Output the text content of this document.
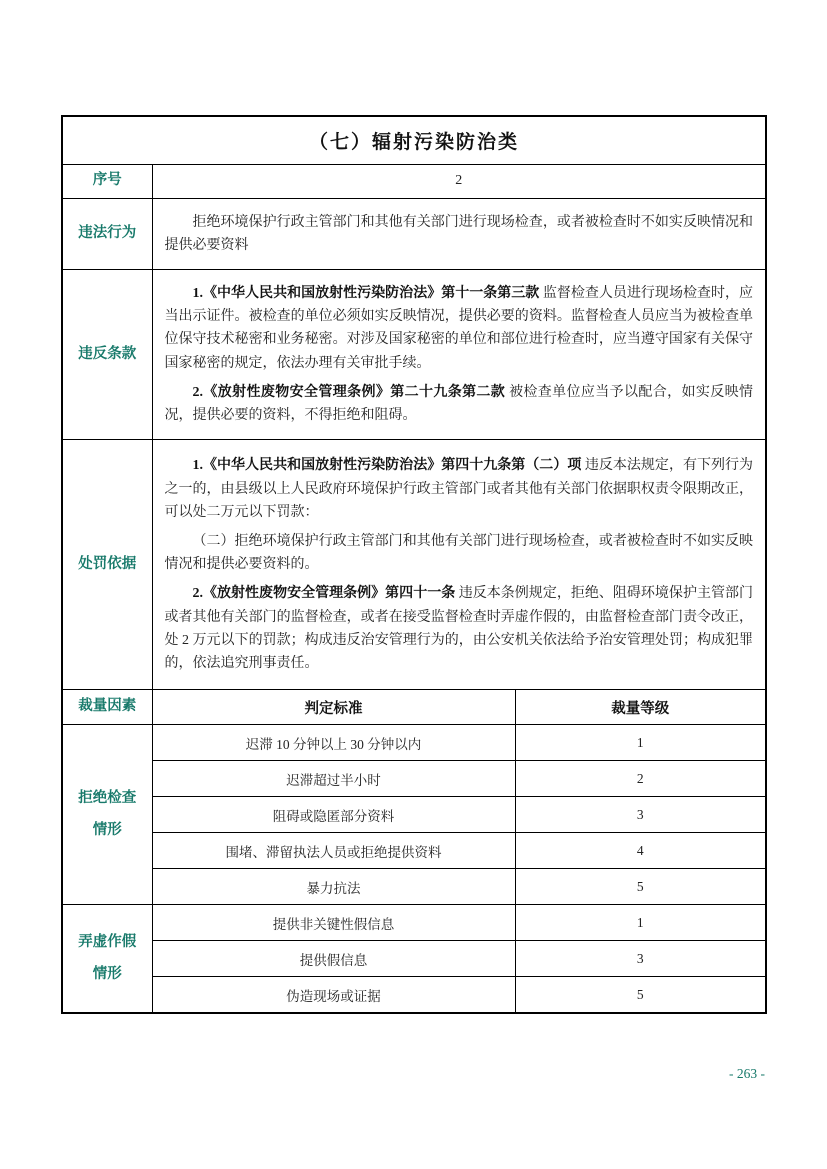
（七）辐射污染防治类		
序号	2	
违法行为	拒绝环境保护行政主管部门和其他有关部门进行现场检查，或者被检查时不如实反映情况和提供必要资料	

违反条款	1.《中华人民共和国放射性污染防治法》第十一条第三款 监督检查人员进行现场检查时，应当出示证件。被检查的单位必须如实反映情况，提供必要的资料。监督检查人员应当为被检查单位保守技术秘密和业务秘密。对涉及国家秘密的单位和部位进行检查时，应当遵守国家有关保守国家秘密的规定，依法办理有关审批手续。

2.《放射性废物安全管理条例》第二十九条第二款 被检查单位应当予以配合，如实反映情况，提供必要的资料，不得拒绝和阻碍。	

处罚依据	1.《中华人民共和国放射性污染防治法》第四十九条第（二）项 违反本法规定，有下列行为之一的，由县级以上人民政府环境保护行政主管部门或者其他有关部门依据职权责令限期改正，可以处二万元以下罚款：

（二）拒绝环境保护行政主管部门和其他有关部门进行现场检查，或者被检查时不如实反映情况和提供必要资料的。

2.《放射性废物安全管理条例》第四十一条 违反本条例规定，拒绝、阻碍环境保护主管部门或者其他有关部门的监督检查，或者在接受监督检查时弄虚作假的，由监督检查部门责令改正，处 2 万元以下的罚款；构成违反治安管理行为的，由公安机关依法给予治安管理处罚；构成犯罪的，依法追究刑事责任。	

裁量因素	判定标准	裁量等级
拒绝检查情形	迟滞 10 分钟以上 30 分钟以内	1
	迟滞超过半小时	2
	阻碍或隐匿部分资料	3
	围堵、滞留执法人员或拒绝提供资料	4
	暴力抗法	5
弄虚作假情形	提供非关键性假信息	1
	提供假信息	3
	伪造现场或证据	5
- 263 -
